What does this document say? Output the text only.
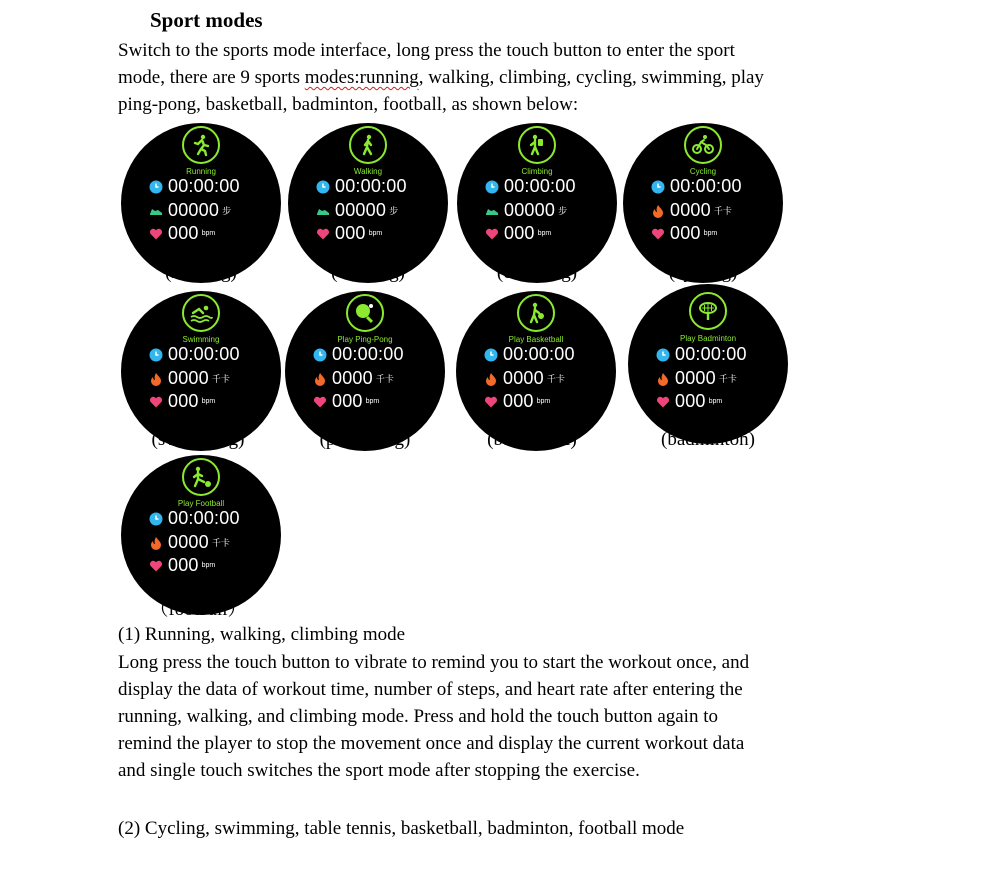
Sport modes

Switch to the sports mode interface, long press the touch button to enter the sport
mode, there are 9 sports modes:running, walking, climbing, cycling, swimming, play
ping-pong, basketball, badminton, football, as shown below:

Running
00:00:00
00000 步
000 bpm
(running)
Walking
00:00:00
00000 步
000 bpm
(walking)
Climbing
00:00:00
00000 步
000 bpm
(climbing)
Cycling
00:00:00
0000 千卡
000 bpm
(cycling)
Swimming
00:00:00
0000 千卡
000 bpm
(swimming)
Play Ping-Pong
00:00:00
0000 千卡
000 bpm
(ping-pong)
Play Basketball
00:00:00
0000 千卡
000 bpm
(basketball)
Play Badminton
00:00:00
0000 千卡
000 bpm
(badminton)
Play Football
00:00:00
0000 千卡
000 bpm
（football）

(1) Running, walking, climbing mode

Long press the touch button to vibrate to remind you to start the workout once, and
display the data of workout time, number of steps, and heart rate after entering the
running, walking, and climbing mode. Press and hold the touch button again to
remind the player to stop the movement once and display the current workout data
and single touch switches the sport mode after stopping the exercise.

(2) Cycling, swimming, table tennis, basketball, badminton, football mode
